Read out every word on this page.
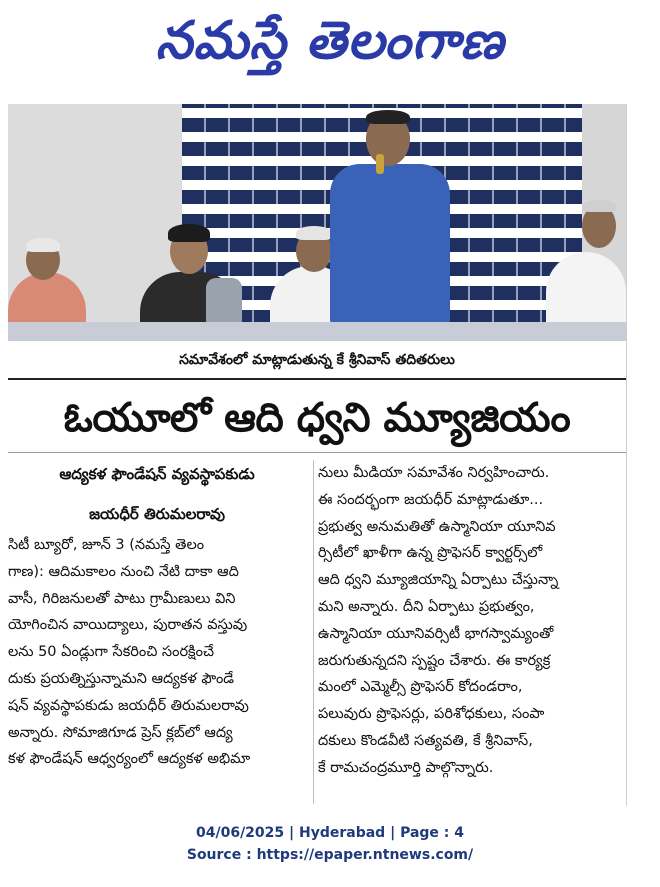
నమస్తే తెలంగాణ
సమావేశంలో మాట్లాడుతున్న కే శ్రీనివాస్ తదితరులు
ఓయూలో ఆది ధ్వని మ్యూజియం
ఆద్యకళ ఫౌండేషన్ వ్యవస్థాపకుడు
జయధీర్ తిరుమలరావు
సిటీ బ్యూరో, జూన్ 3 (నమస్తే తెలం
గాణ): ఆదిమకాలం నుంచి నేటి దాకా ఆది
వాసీ, గిరిజనులతో పాటు గ్రామీణులు విని
యోగించిన వాయిద్యాలు, పురాతన వస్తువు
లను 50 ఏండ్లుగా సేకరించి సంరక్షించే
దుకు ప్రయత్నిస్తున్నామని ఆద్యకళ ఫౌండే
షన్ వ్యవస్థాపకుడు జయధీర్ తిరుమలరావు
అన్నారు. సోమాజిగూడ ప్రెస్ క్లబ్‌లో ఆద్య
కళ ఫౌండేషన్ ఆధ్వర్యంలో ఆద్యకళ అభిమా
నులు మీడియా సమావేశం నిర్వహించారు.
ఈ సందర్భంగా జయధీర్ మాట్లాడుతూ...
ప్రభుత్వ అనుమతితో ఉస్మానియా యూనివ
ర్సిటీలో ఖాళీగా ఉన్న ప్రొఫెసర్ క్వార్టర్స్‌లో
ఆది ధ్వని మ్యూజియాన్ని ఏర్పాటు చేస్తున్నా
మని అన్నారు. దీని ఏర్పాటు ప్రభుత్వం,
ఉస్మానియా యూనివర్సిటీ భాగస్వామ్యంతో
జరుగుతున్నదని స్పష్టం చేశారు. ఈ కార్యక్ర
మంలో ఎమ్మెల్సీ ప్రొఫెసర్ కోదండరాం,
పలువురు ప్రొఫెసర్లు, పరిశోధకులు, సంపా
దకులు కొండవీటి సత్యవతి, కే శ్రీనివాస్,
కే రామచంద్రమూర్తి పాల్గొన్నారు.
04/06/2025 | Hyderabad | Page : 4
Source : https://epaper.ntnews.com/
